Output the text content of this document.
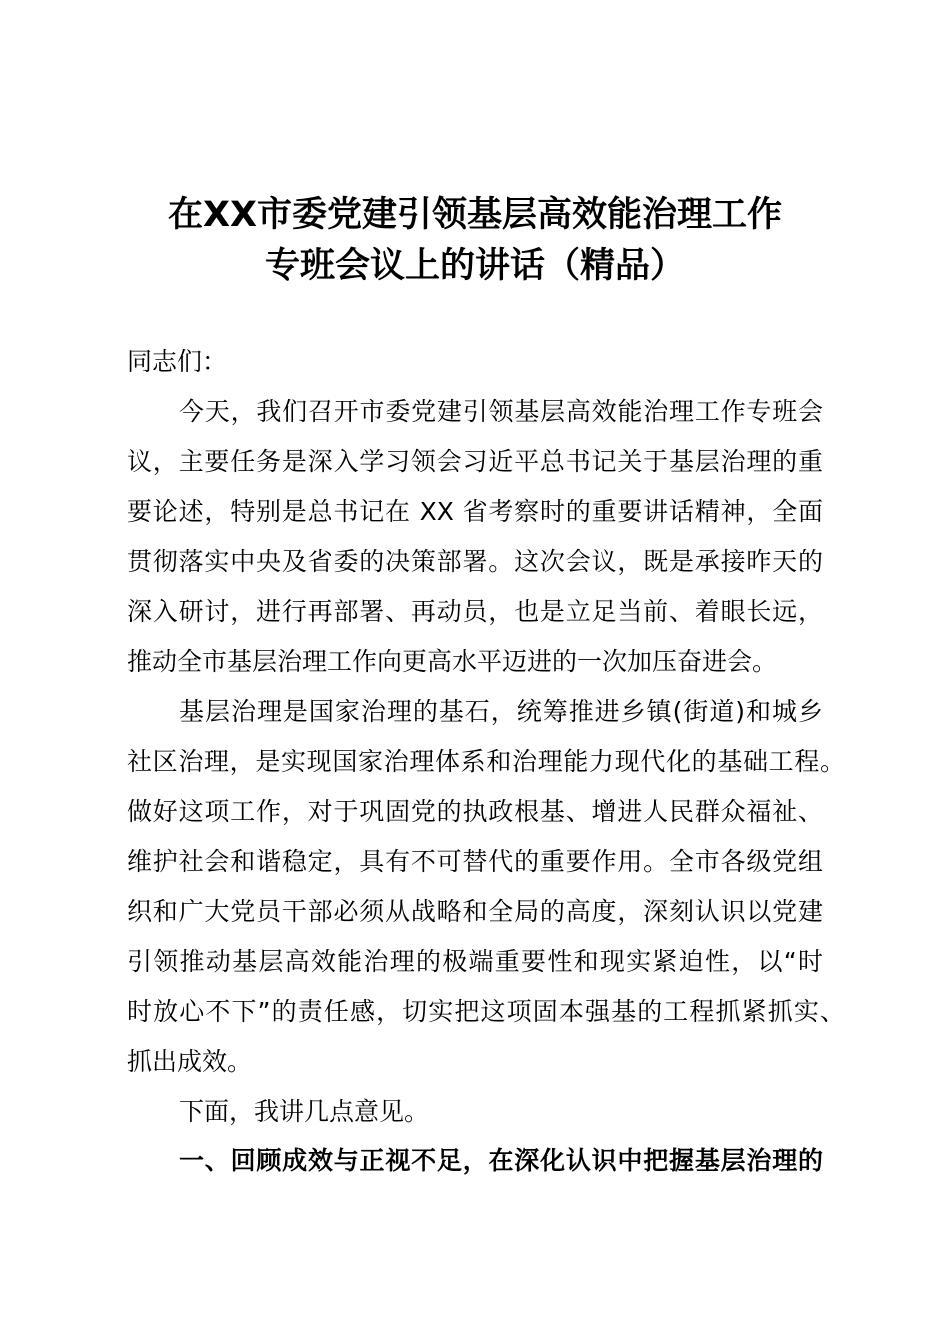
在XX市委党建引领基层高效能治理工作
专班会议上的讲话（精品）
同志们：
今天，我们召开市委党建引领基层高效能治理工作专班会
议，主要任务是深入学习领会习近平总书记关于基层治理的重
要论述，特别是总书记在 XX 省考察时的重要讲话精神，全面
贯彻落实中央及省委的决策部署。这次会议，既是承接昨天的
深入研讨，进行再部署、再动员，也是立足当前、着眼长远，
推动全市基层治理工作向更高水平迈进的一次加压奋进会。
基层治理是国家治理的基石，统筹推进乡镇(街道)和城乡
社区治理，是实现国家治理体系和治理能力现代化的基础工程。
做好这项工作，对于巩固党的执政根基、增进人民群众福祉、
维护社会和谐稳定，具有不可替代的重要作用。全市各级党组
织和广大党员干部必须从战略和全局的高度，深刻认识以党建
引领推动基层高效能治理的极端重要性和现实紧迫性，以“时
时放心不下”的责任感，切实把这项固本强基的工程抓紧抓实、
抓出成效。
下面，我讲几点意见。
一、回顾成效与正视不足，在深化认识中把握基层治理的
